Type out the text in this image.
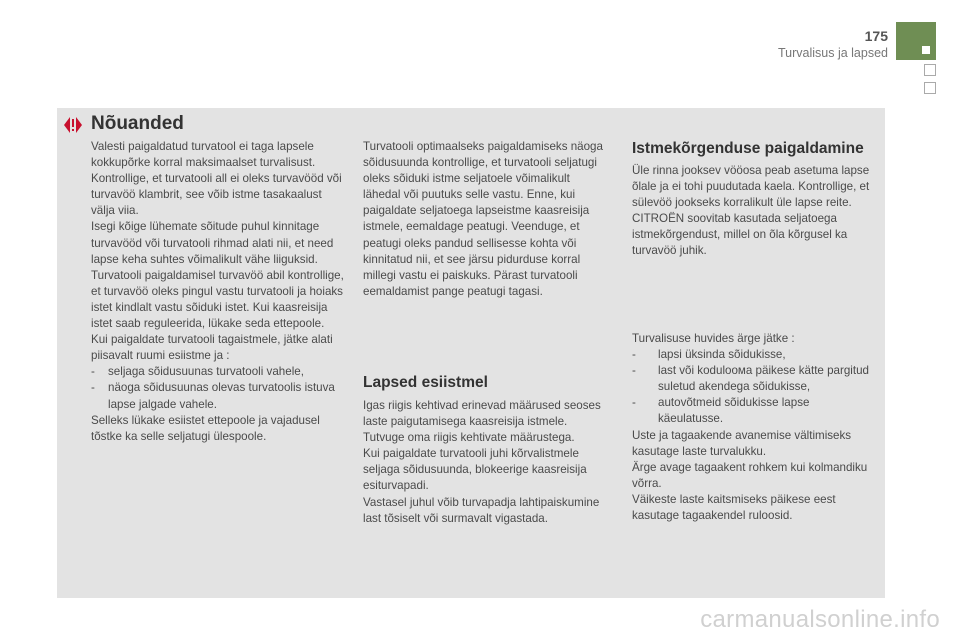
175
Turvalisus ja lapsed
Nõuanded

Valesti paigaldatud turvatool ei taga lapsele kokkupõrke korral maksimaalset turvalisust.

Kontrollige, et turvatooli all ei oleks turvavööd või turvavöö klambrit, see võib istme tasakaalust välja viia.

Isegi kõige lühemate sõitude puhul kinnitage turvavööd või turvatooli rihmad alati nii, et need lapse keha suhtes võimalikult vähe liiguksid.

Turvatooli paigaldamisel turvavöö abil kontrollige, et turvavöö oleks pingul vastu turvatooli ja hoiaks istet kindlalt vastu sõiduki istet. Kui kaasreisija istet saab reguleerida, lükake seda ettepoole.

Kui paigaldate turvatooli tagaistmele, jätke alati piisavalt ruumi esiistme ja :

- seljaga sõidusuunas turvatooli vahele,

- näoga sõidusuunas olevas turvatoolis istuva lapse jalgade vahele.

Selleks lükake esiistet ettepoole ja vajadusel tõstke ka selle seljatugi ülespoole.

Turvatooli optimaalseks paigaldamiseks näoga sõidusuunda kontrollige, et turvatooli seljatugi oleks sõiduki istme seljatoele võimalikult lähedal või puutuks selle vastu. Enne, kui paigaldate seljatoega lapseistme kaasreisija istmele, eemaldage peatugi. Veenduge, et peatugi oleks pandud sellisesse kohta või kinnitatud nii, et see järsu pidurduse korral millegi vastu ei paiskuks. Pärast turvatooli eemaldamist pange peatugi tagasi.

Lapsed esiistmel

Igas riigis kehtivad erinevad määrused seoses laste paigutamisega kaasreisija istmele. Tutvuge oma riigis kehtivate määrustega.

Kui paigaldate turvatooli juhi kõrvalistmele seljaga sõidusuunda, blokeerige kaasreisija esiturvapadi.

Vastasel juhul võib turvapadja lahtipaiskumine last tõsiselt või surmavalt vigastada.

Istmekõrgenduse paigaldamine

Üle rinna jooksev vööosa peab asetuma lapse õlale ja ei tohi puudutada kaela. Kontrollige, et sülevöö jookseks korralikult üle lapse reite.

CITROËN soovitab kasutada seljatoega istmekõrgendust, millel on õla kõrgusel ka turvavöö juhik.

Turvalisuse huvides ärge jätke :

- lapsi üksinda sõidukisse,

- last või koduloома päikese kätte pargitud suletud akendega sõidukisse,

- autovõtmeid sõidukisse lapse käeulatusse.

Uste ja tagaakende avanemise vältimiseks kasutage laste turvalukku.

Ärge avage tagaakent rohkem kui kolmandiku võrra.

Väikeste laste kaitsmiseks päikese eest kasutage tagaakendel ruloosid.

carmanualsonline.info
